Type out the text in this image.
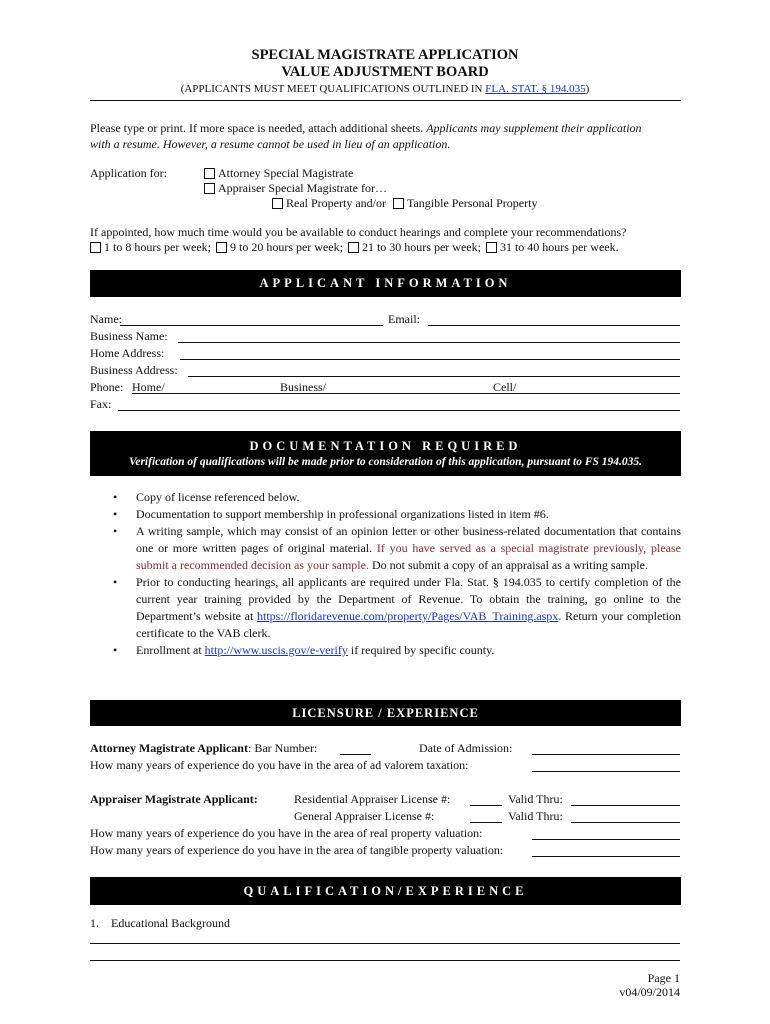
SPECIAL MAGISTRATE APPLICATION
VALUE ADJUSTMENT BOARD
(APPLICANTS MUST MEET QUALIFICATIONS OUTLINED IN FLA. STAT. § 194.035)
Please type or print. If more space is needed, attach additional sheets. Applicants may supplement their application
with a resume. However, a resume cannot be used in lieu of an application.
Application for:	Attorney Special Magistrate
Appraiser Special Magistrate for…
Real Property and/or Tangible Personal Property
If appointed, how much time would you be available to conduct hearings and complete your recommendations?
1 to 8 hours per week; 9 to 20 hours per week; 21 to 30 hours per week; 31 to 40 hours per week.
APPLICANT INFORMATION
Name:	Email:
Business Name:
Home Address:
Business Address:
Phone: Home/	Business/	Cell/
Fax:
DOCUMENTATION REQUIRED
Verification of qualifications will be made prior to consideration of this application, pursuant to FS 194.035.
• Copy of license referenced below.
• Documentation to support membership in professional organizations listed in item #6.
• A writing sample, which may consist of an opinion letter or other business-related documentation that contains one or more written pages of original material. If you have served as a special magistrate previously, please submit a recommended decision as your sample. Do not submit a copy of an appraisal as a writing sample.
• Prior to conducting hearings, all applicants are required under Fla. Stat. § 194.035 to certify completion of the current year training provided by the Department of Revenue. To obtain the training, go online to the Department’s website at https://floridarevenue.com/property/Pages/VAB_Training.aspx. Return your completion certificate to the VAB clerk.
• Enrollment at http://www.uscis.gov/e-verify if required by specific county.
LICENSURE / EXPERIENCE
Attorney Magistrate Applicant: Bar Number:	Date of Admission:
How many years of experience do you have in the area of ad valorem taxation:
Appraiser Magistrate Applicant:	Residential Appraiser License #:	Valid Thru:
General Appraiser License #:	Valid Thru:
How many years of experience do you have in the area of real property valuation:
How many years of experience do you have in the area of tangible property valuation:
QUALIFICATION/EXPERIENCE
1. Educational Background
Page 1
v04/09/2014
